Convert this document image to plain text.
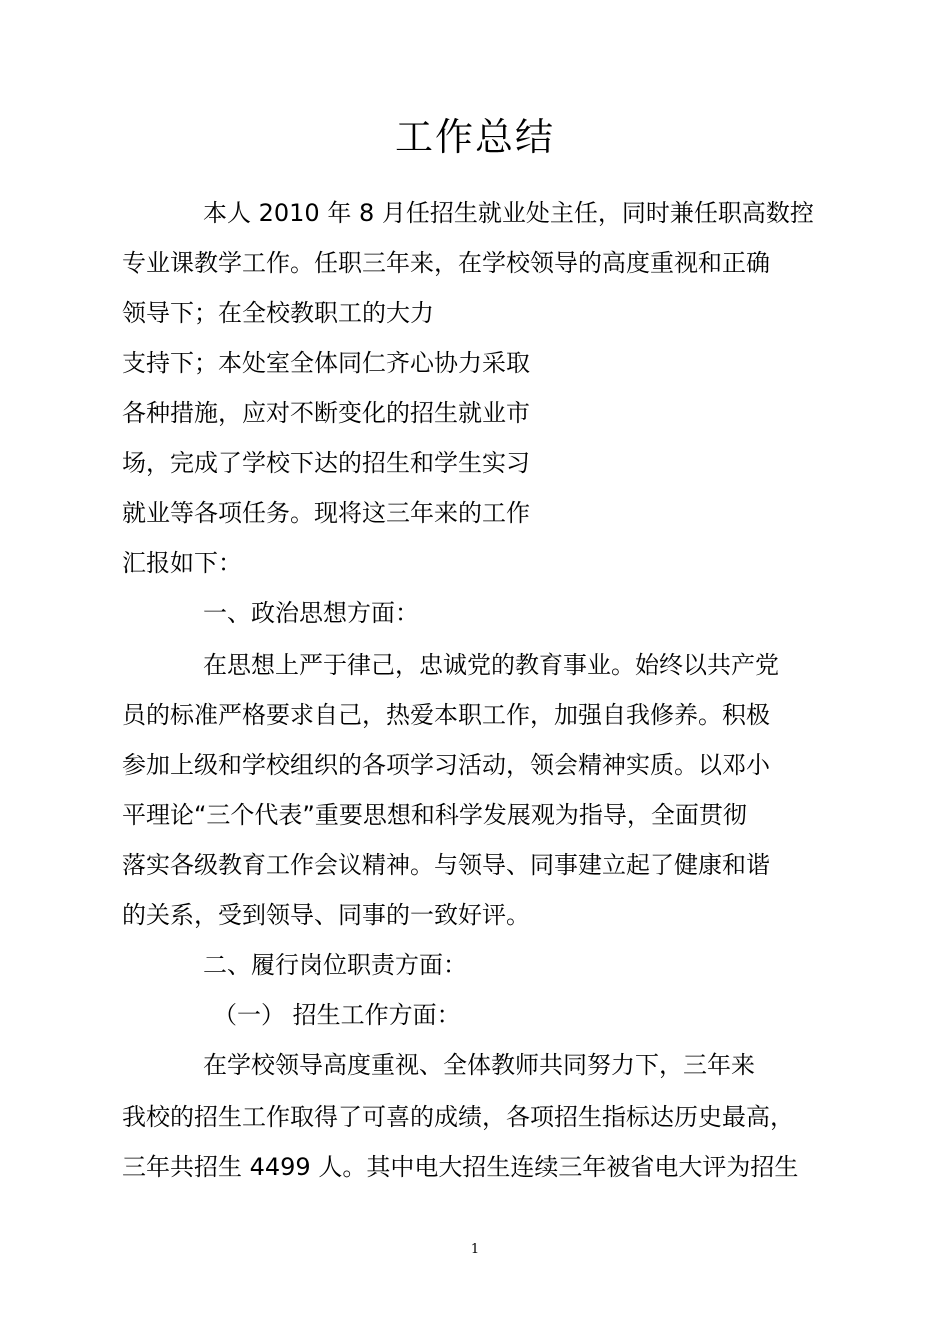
工作总结
本人 2010 年 8 月任招生就业处主任，同时兼任职高数控
专业课教学工作。任职三年来，在学校领导的高度重视和正确
领导下；在全校教职工的大力
支持下；本处室全体同仁齐心协力采取
各种措施，应对不断变化的招生就业市
场，完成了学校下达的招生和学生实习
就业等各项任务。现将这三年来的工作
汇报如下：
一、政治思想方面：
在思想上严于律己，忠诚党的教育事业。始终以共产党
员的标准严格要求自己，热爱本职工作，加强自我修养。积极
参加上级和学校组织的各项学习活动，领会精神实质。以邓小
平理论“三个代表”重要思想和科学发展观为指导，全面贯彻
落实各级教育工作会议精神。与领导、同事建立起了健康和谐
的关系，受到领导、同事的一致好评。
二、履行岗位职责方面：
（一） 招生工作方面：
在学校领导高度重视、全体教师共同努力下，三年来
我校的招生工作取得了可喜的成绩，各项招生指标达历史最高，
三年共招生 4499 人。其中电大招生连续三年被省电大评为招生
1
